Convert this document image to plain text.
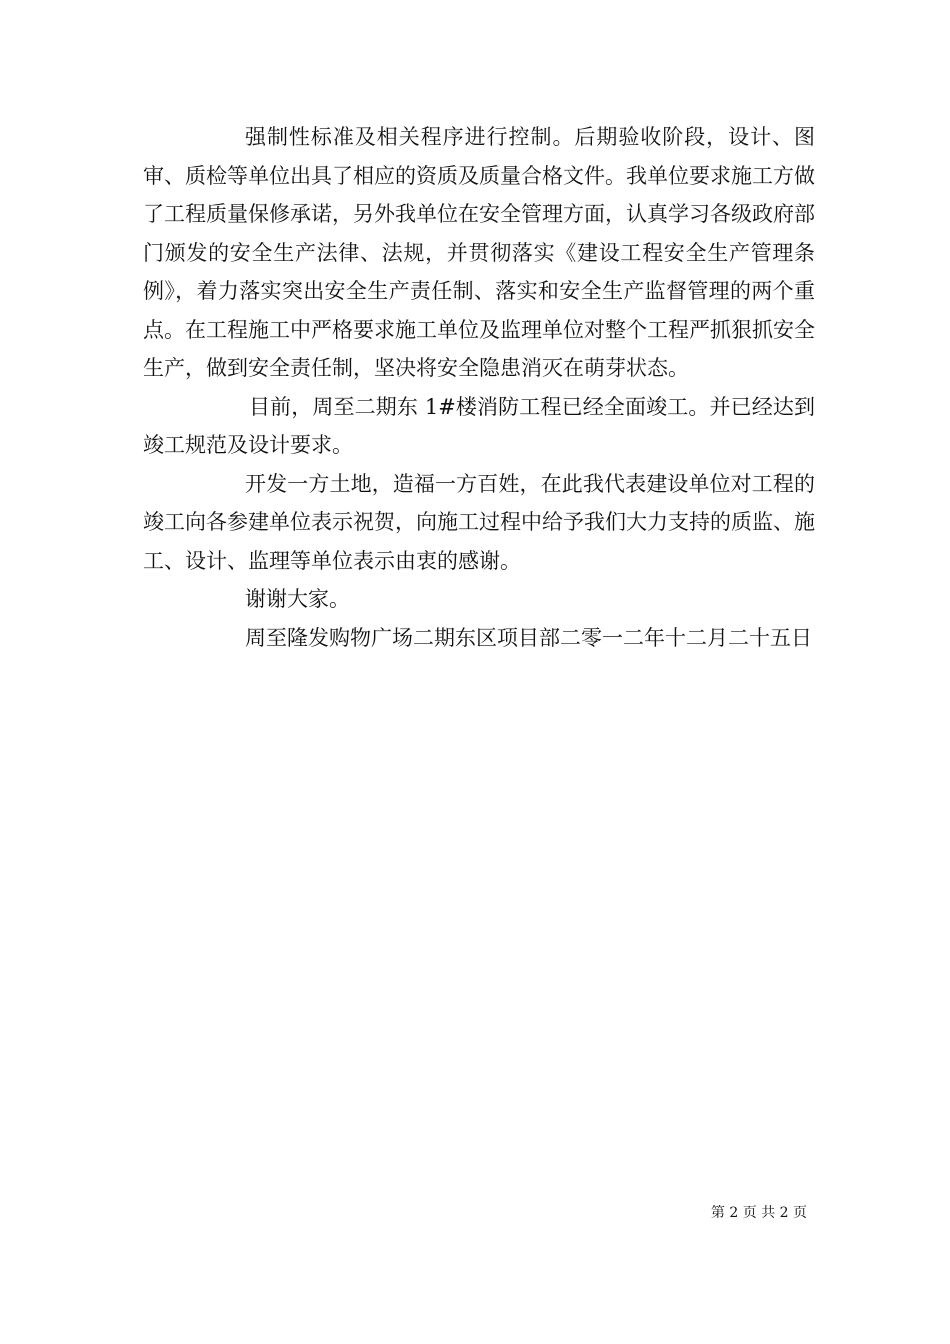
强制性标准及相关程序进行控制。后期验收阶段，设计、图审、质检等单位出具了相应的资质及质量合格文件。我单位要求施工方做了工程质量保修承诺，另外我单位在安全管理方面，认真学习各级政府部门颁发的安全生产法律、法规，并贯彻落实《建设工程安全生产管理条例》，着力落实突出安全生产责任制、落实和安全生产监督管理的两个重点。在工程施工中严格要求施工单位及监理单位对整个工程严抓狠抓安全生产，做到安全责任制，坚决将安全隐患消灭在萌芽状态。

目前，周至二期东 1#楼消防工程已经全面竣工。并已经达到竣工规范及设计要求。

开发一方土地，造福一方百姓，在此我代表建设单位对工程的竣工向各参建单位表示祝贺，向施工过程中给予我们大力支持的质监、施工、设计、监理等单位表示由衷的感谢。

谢谢大家。

周至隆发购物广场二期东区项目部二零一二年十二月二十五日

第 2 页 共 2 页
